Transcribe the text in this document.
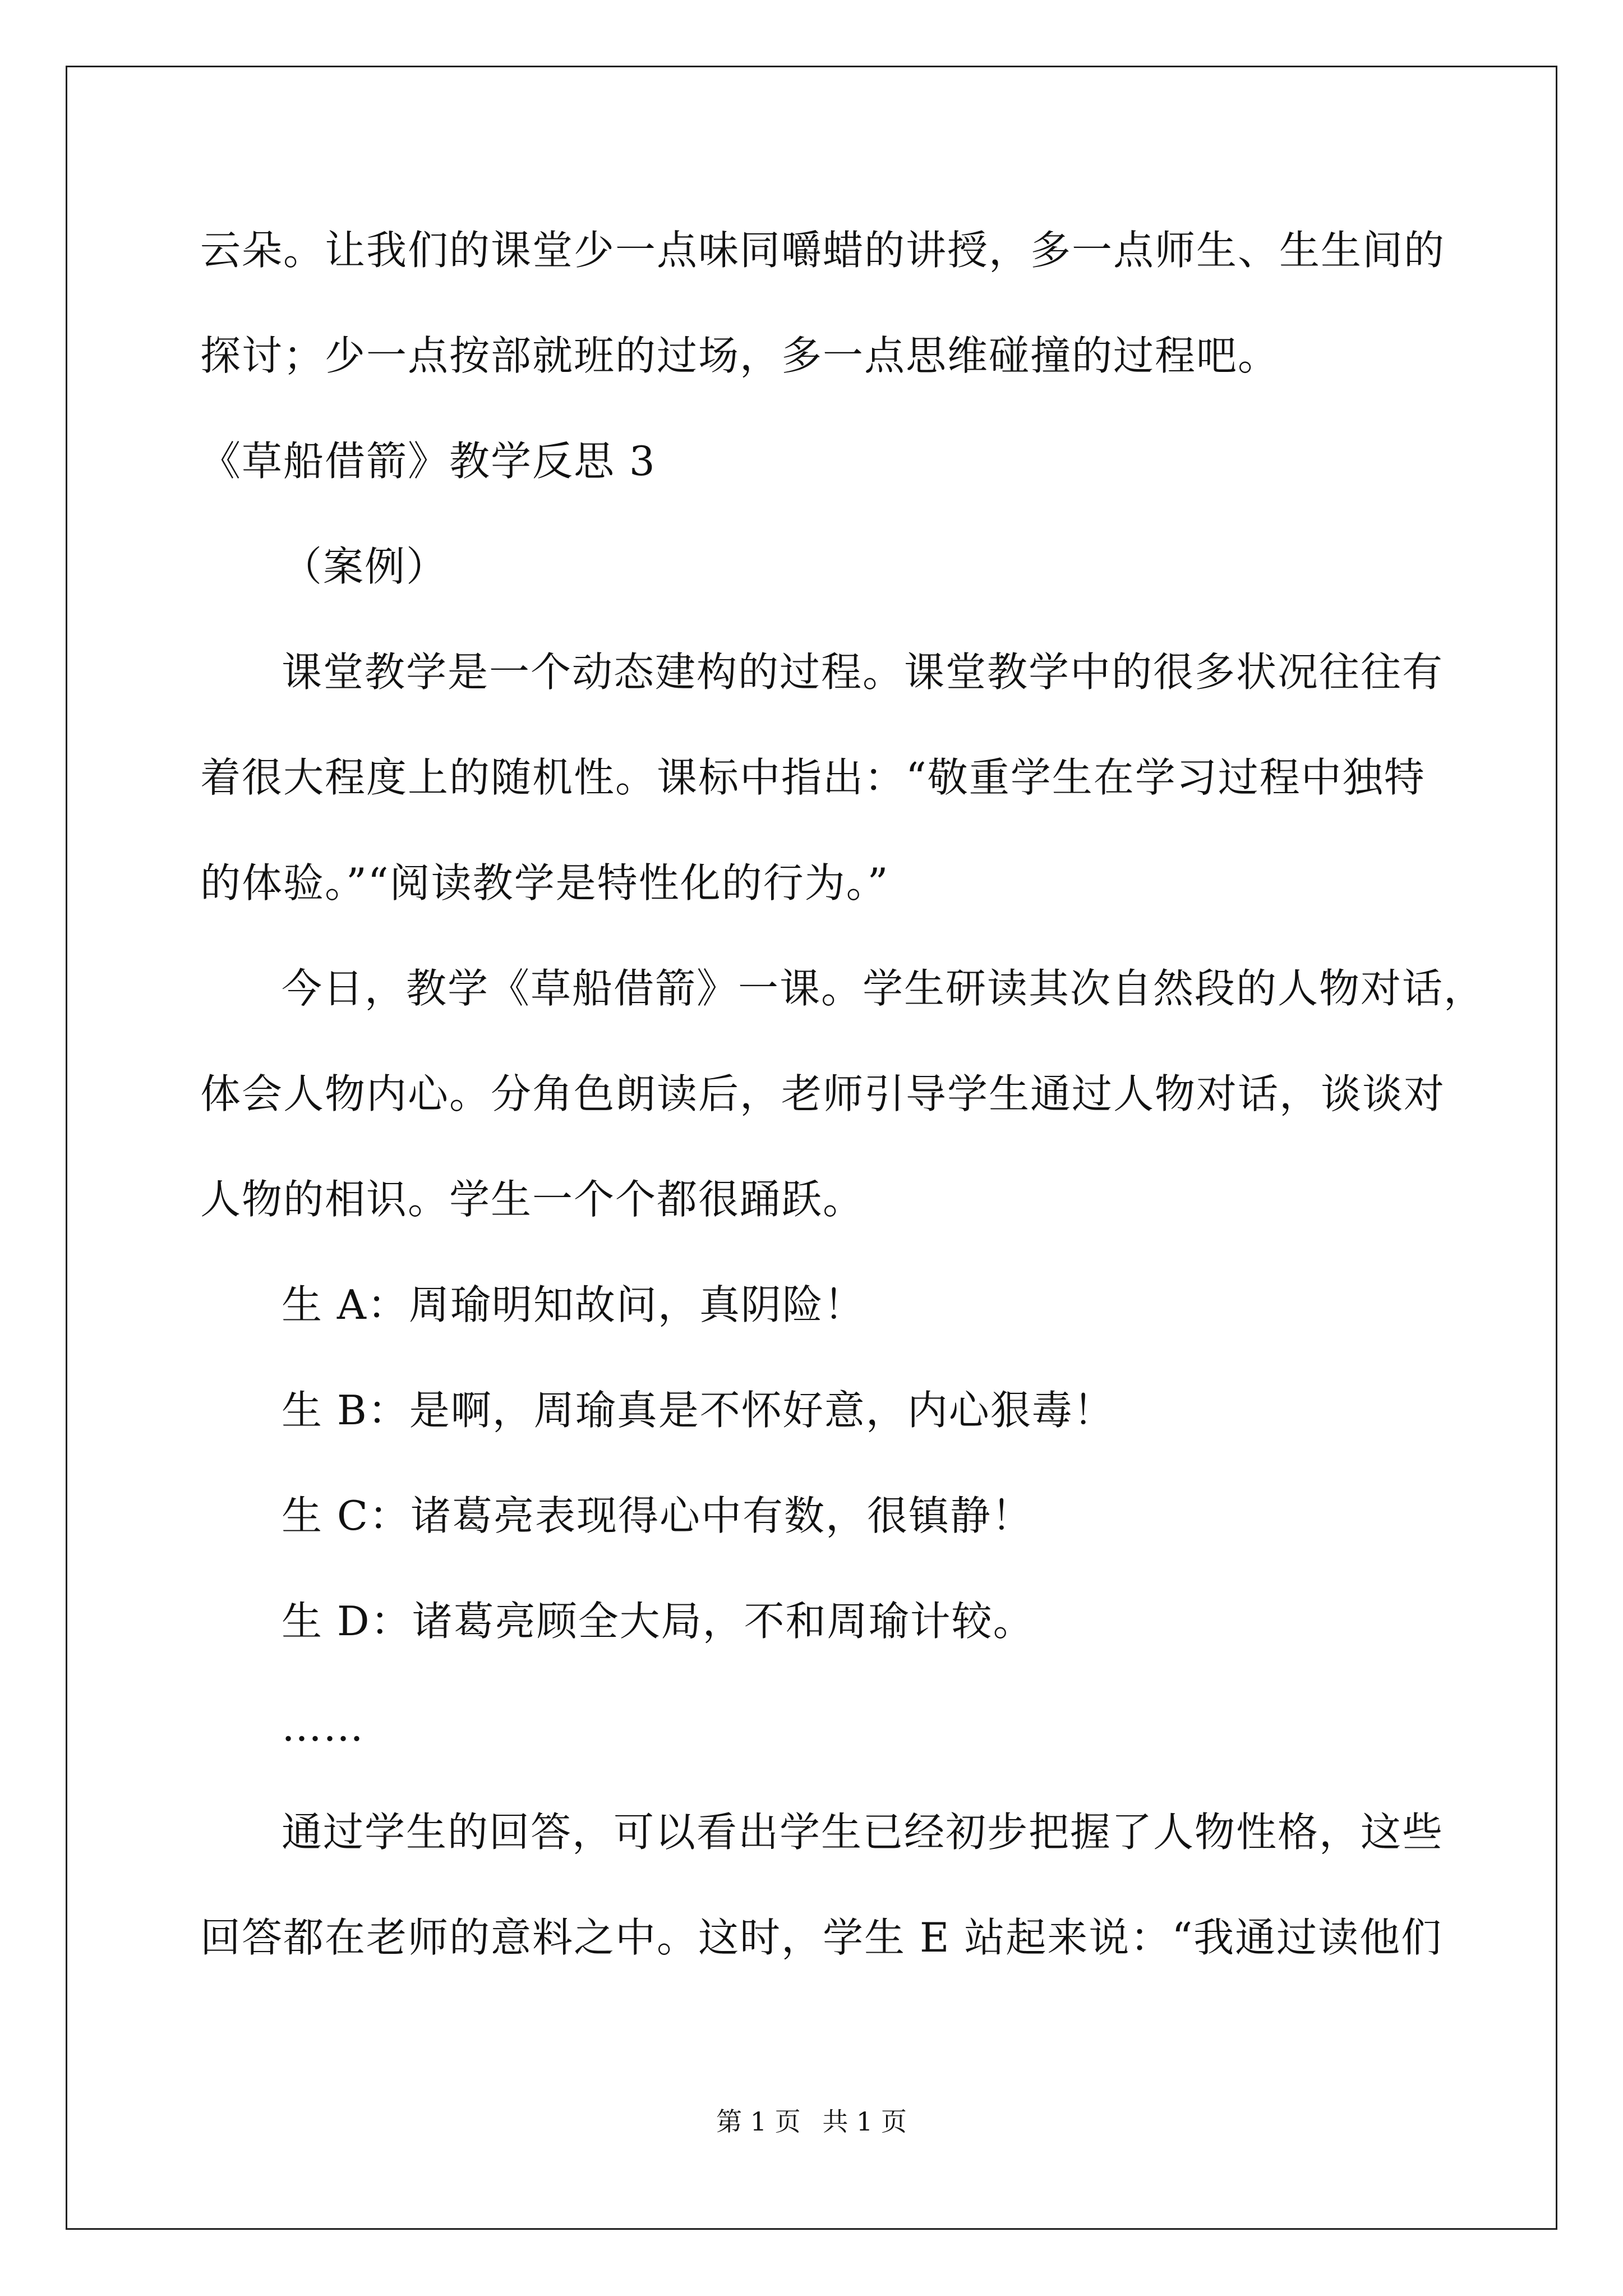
云朵。让我们的课堂少一点味同嚼蜡的讲授，多一点师生、生生间的
探讨；少一点按部就班的过场，多一点思维碰撞的过程吧。
《草船借箭》教学反思 3
（案例）
课堂教学是一个动态建构的过程。课堂教学中的很多状况往往有
着很大程度上的随机性。课标中指出：“敬重学生在学习过程中独特
的体验。”“阅读教学是特性化的行为。”
今日，教学《草船借箭》一课。学生研读其次自然段的人物对话，
体会人物内心。分角色朗读后，老师引导学生通过人物对话，谈谈对
人物的相识。学生一个个都很踊跃。
生 A：周瑜明知故问，真阴险！
生 B：是啊，周瑜真是不怀好意，内心狠毒！
生 C：诸葛亮表现得心中有数，很镇静！
生 D：诸葛亮顾全大局，不和周瑜计较。
……
通过学生的回答，可以看出学生已经初步把握了人物性格，这些
回答都在老师的意料之中。这时，学生 E 站起来说：“我通过读他们
第 1 页 共 1 页
